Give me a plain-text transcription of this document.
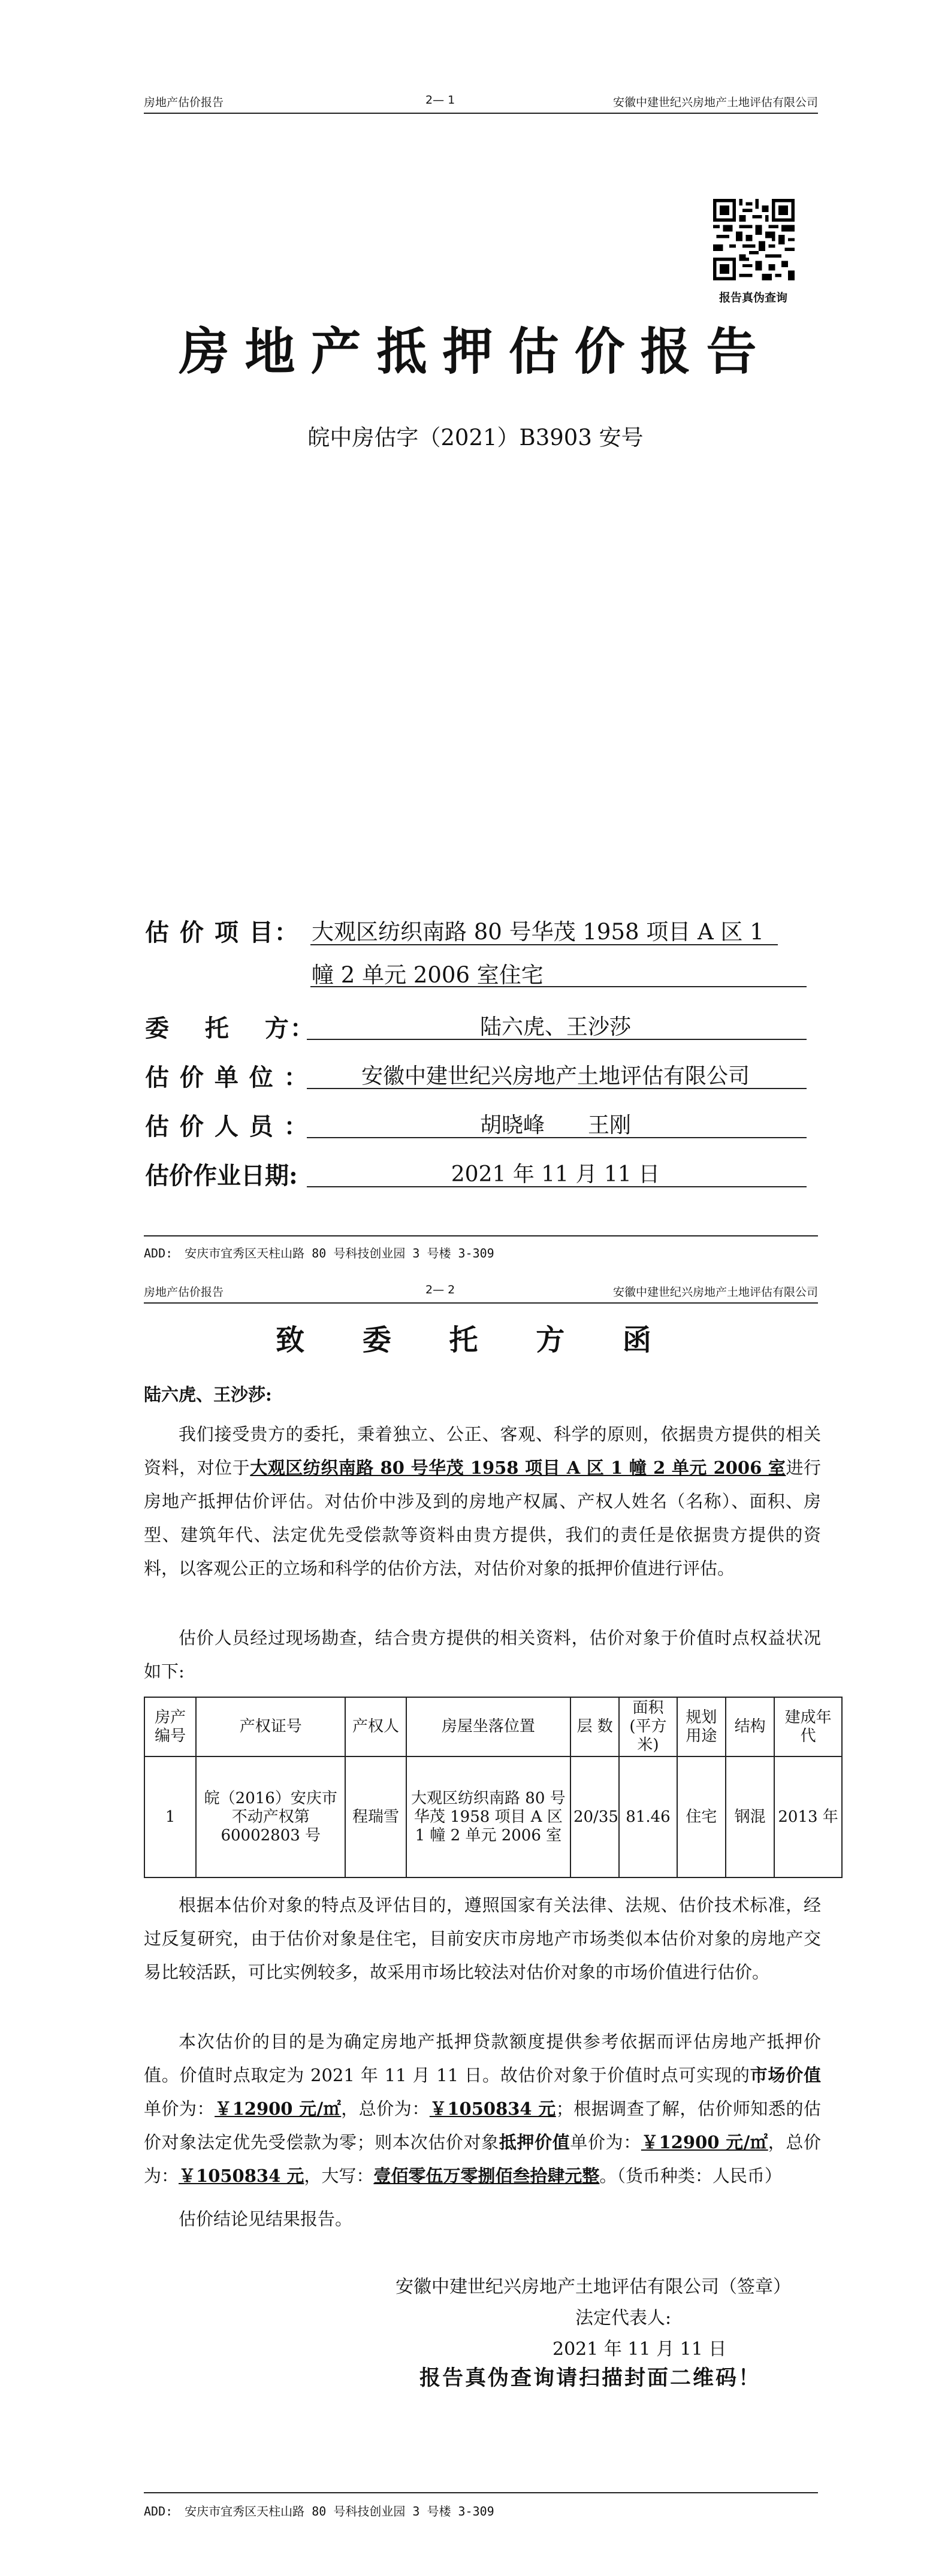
房地产估价报告	2— 1	安徽中建世纪兴房地产土地评估有限公司
报告真伪查询
房地产抵押估价报告
皖中房估字（2021）B3903 安号
估 价 项 目： 大观区纺织南路 80 号华茂 1958 项目 A 区 1
幢 2 单元 2006 室住宅
委　 托 　方：	陆六虎、王沙莎
估 价 单 位 ：	安徽中建世纪兴房地产土地评估有限公司
估 价 人 员 ：	胡晓峰　　王刚
估价作业日期:	2021 年 11 月 11 日
ADD:　安庆市宜秀区天柱山路 80 号科技创业园 3 号楼 3-309
房地产估价报告	2— 2	安徽中建世纪兴房地产土地评估有限公司
致 委 托 方 函
陆六虎、王沙莎:
我们接受贵方的委托，秉着独立、公正、客观、科学的原则，依据贵方提供的相关资料，对位于大观区纺织南路 80 号华茂 1958 项目 A 区 1 幢 2 单元 2006 室进行房地产抵押估价评估。对估价中涉及到的房地产权属、产权人姓名（名称）、面积、房型、建筑年代、法定优先受偿款等资料由贵方提供，我们的责任是依据贵方提供的资料，以客观公正的立场和科学的估价方法，对估价对象的抵押价值进行评估。
估价人员经过现场勘查，结合贵方提供的相关资料，估价对象于价值时点权益状况如下:
房产编号	产权证号	产权人	房屋坐落位置	层 数	面积(平方米)	规划用途	结构	建成年代
1	皖（2016）安庆市不动产权第 60002803 号	程瑞雪	大观区纺织南路 80 号华茂 1958 项目 A 区 1 幢 2 单元 2006 室	20/35	81.46	住宅	钢混	2013 年
根据本估价对象的特点及评估目的，遵照国家有关法律、法规、估价技术标准，经过反复研究，由于估价对象是住宅，目前安庆市房地产市场类似本估价对象的房地产交易比较活跃，可比实例较多，故采用市场比较法对估价对象的市场价值进行估价。
本次估价的目的是为确定房地产抵押贷款额度提供参考依据而评估房地产抵押价值。价值时点取定为 2021 年 11 月 11 日。故估价对象于价值时点可实现的市场价值单价为：￥12900 元/㎡，总价为：￥1050834 元；根据调查了解，估价师知悉的估价对象法定优先受偿款为零；则本次估价对象抵押价值单价为：￥12900 元/㎡，总价为：￥1050834 元，大写：壹佰零伍万零捌佰叁拾肆元整。（货币种类：人民币）
估价结论见结果报告。
安徽中建世纪兴房地产土地评估有限公司（签章）
法定代表人:
2021 年 11 月 11 日
报告真伪查询请扫描封面二维码！
ADD:　安庆市宜秀区天柱山路 80 号科技创业园 3 号楼 3-309
